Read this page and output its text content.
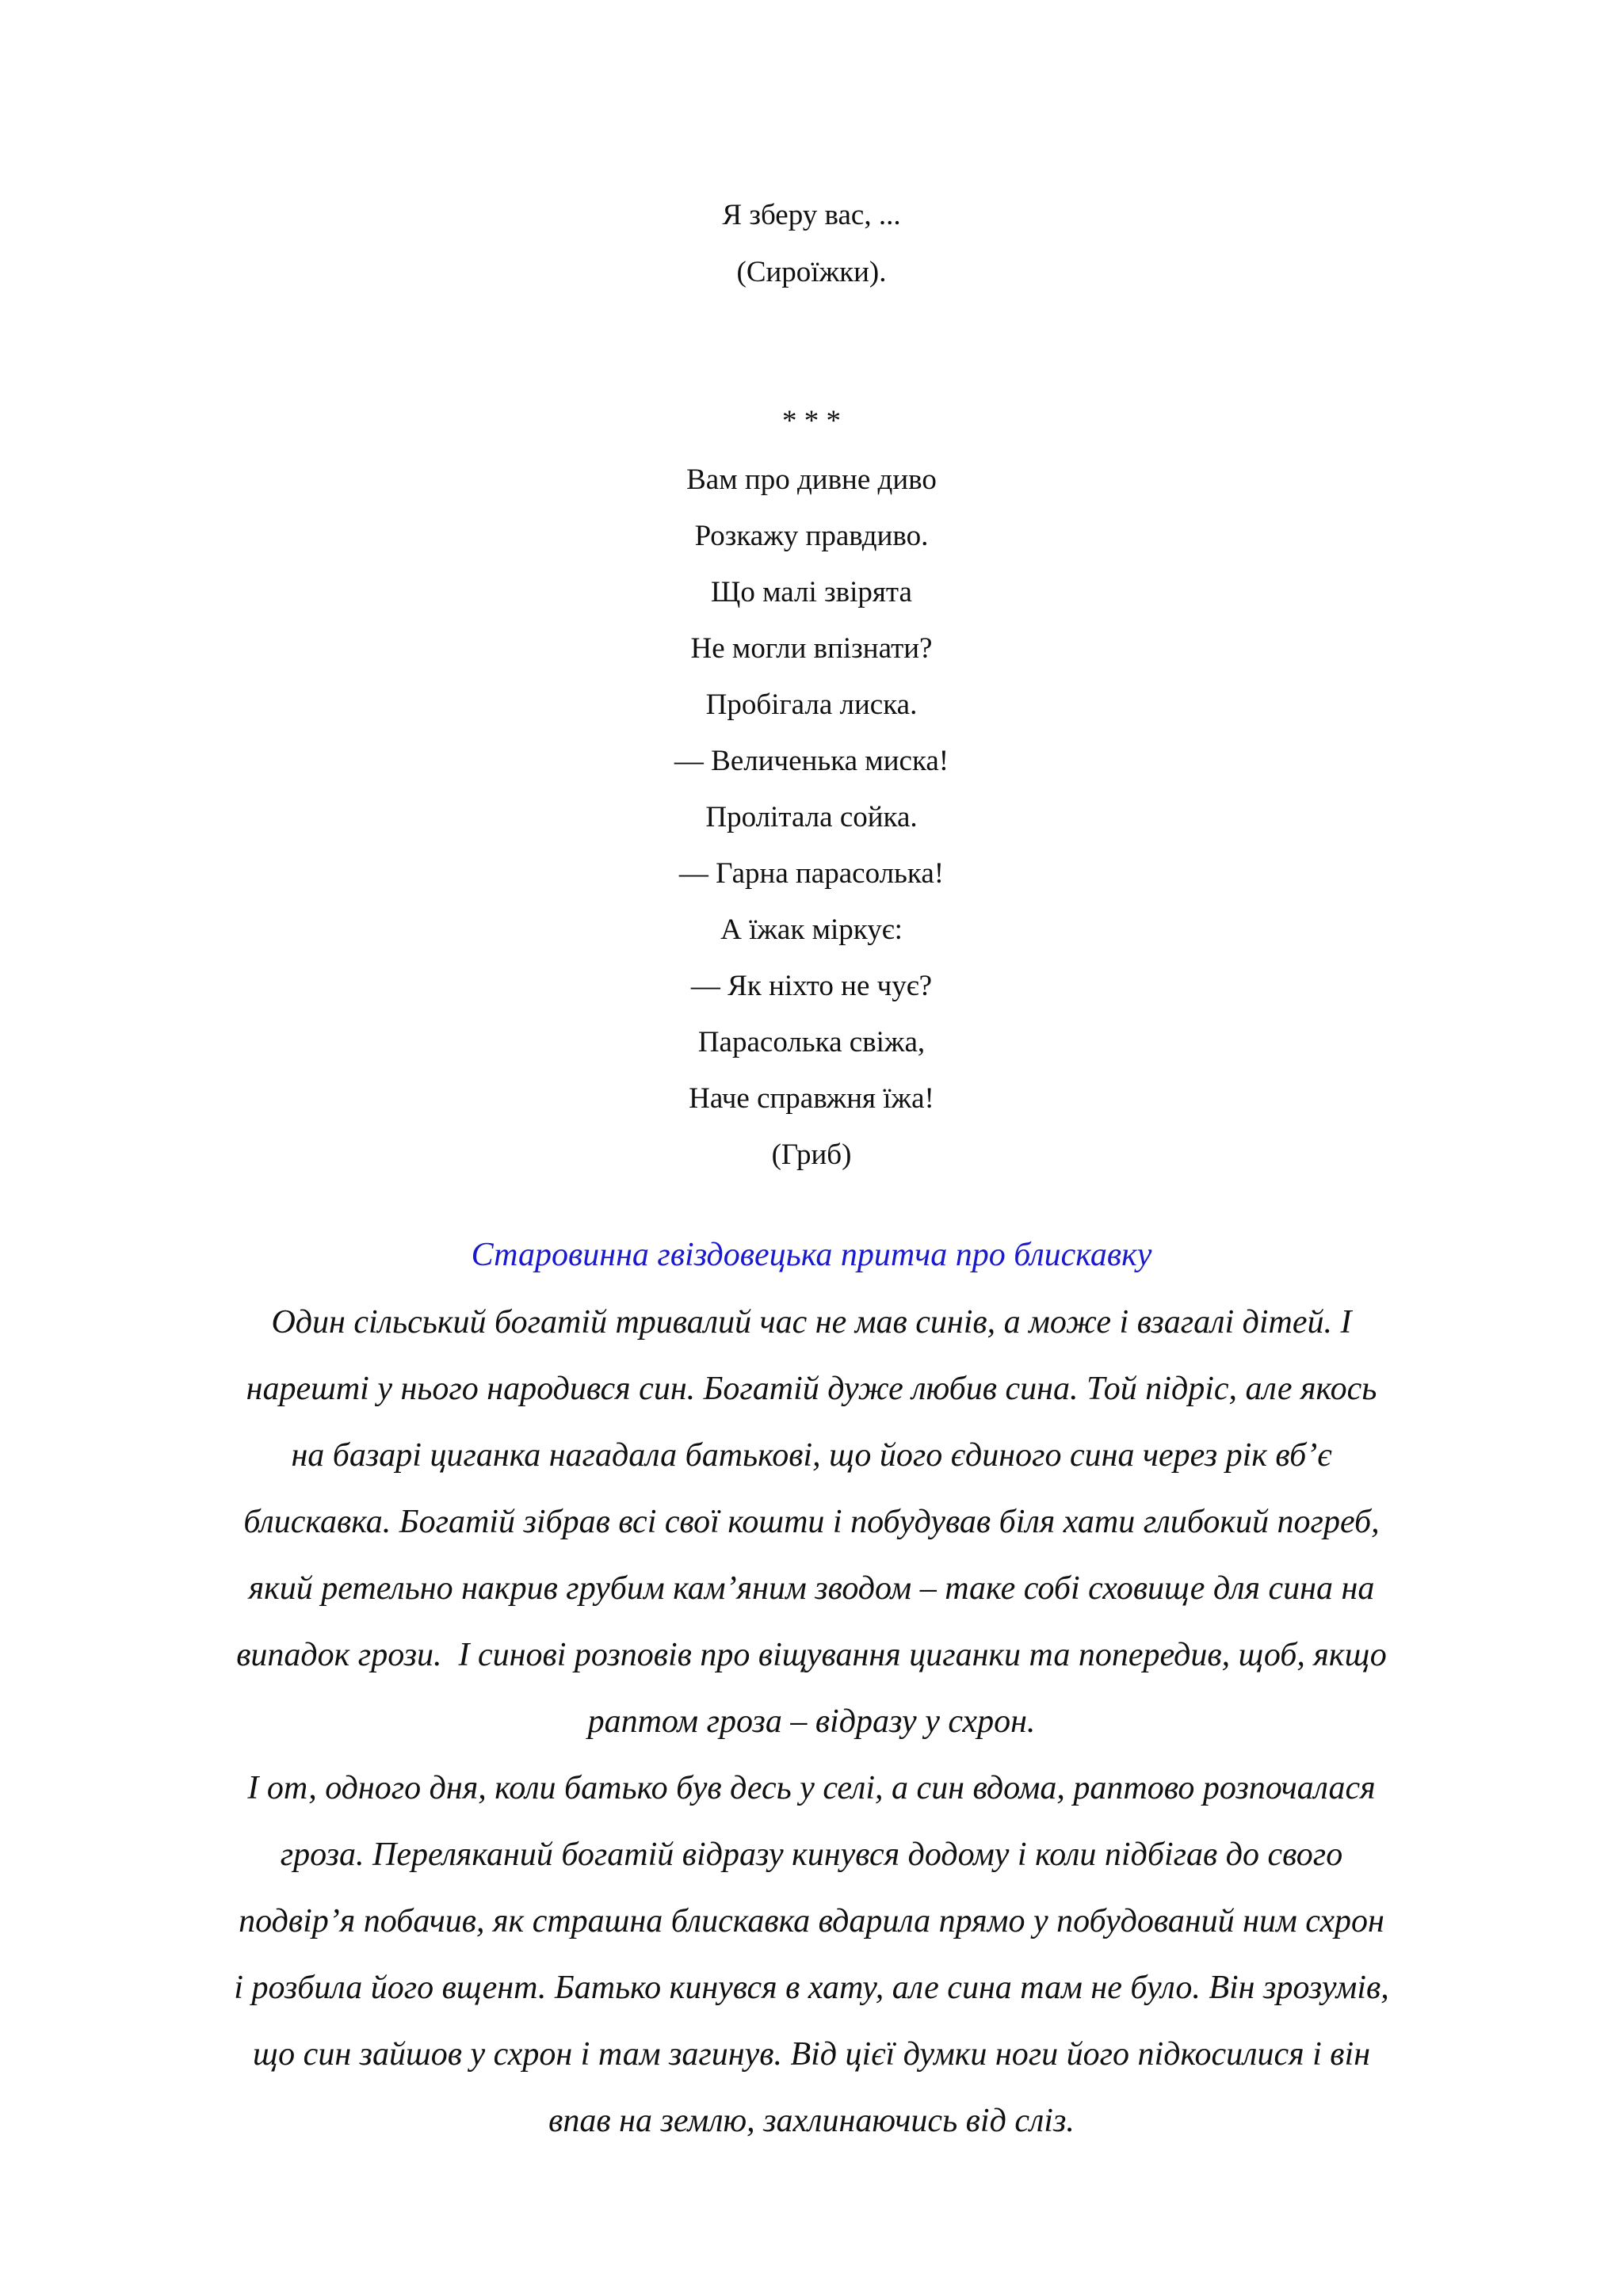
Я зберу вас, ...
(Сироїжки).
* * *
Вам про дивне диво
Розкажу правдиво.
Що малі звірята
Не могли впізнати?
Пробігала лиска.
— Величенька миска!
Пролітала сойка.
— Гарна парасолька!
А їжак міркує:
— Як ніхто не чує?
Парасолька свіжа,
Наче справжня їжа!
(Гриб)
Старовинна гвіздовецька притча про блискавку
Один сільський богатій тривалий час не мав синів, а може і взагалі дітей. І
нарешті у нього народився син. Богатій дуже любив сина. Той підріс, але якось
на базарі циганка нагадала батькові, що його єдиного сина через рік вб’є
блискавка. Богатій зібрав всі свої кошти і побудував біля хати глибокий погреб,
який ретельно накрив грубим кам’яним зводом – таке собі сховище для сина на
випадок грози.  І синові розповів про віщування циганки та попередив, щоб, якщо
раптом гроза – відразу у схрон.
І от, одного дня, коли батько був десь у селі, а син вдома, раптово розпочалася
гроза. Переляканий богатій відразу кинувся додому і коли підбігав до свого
подвір’я побачив, як страшна блискавка вдарила прямо у побудований ним схрон
і розбила його вщент. Батько кинувся в хату, але сина там не було. Він зрозумів,
що син зайшов у схрон і там загинув. Від цієї думки ноги його підкосилися і він
впав на землю, захлинаючись від сліз.
